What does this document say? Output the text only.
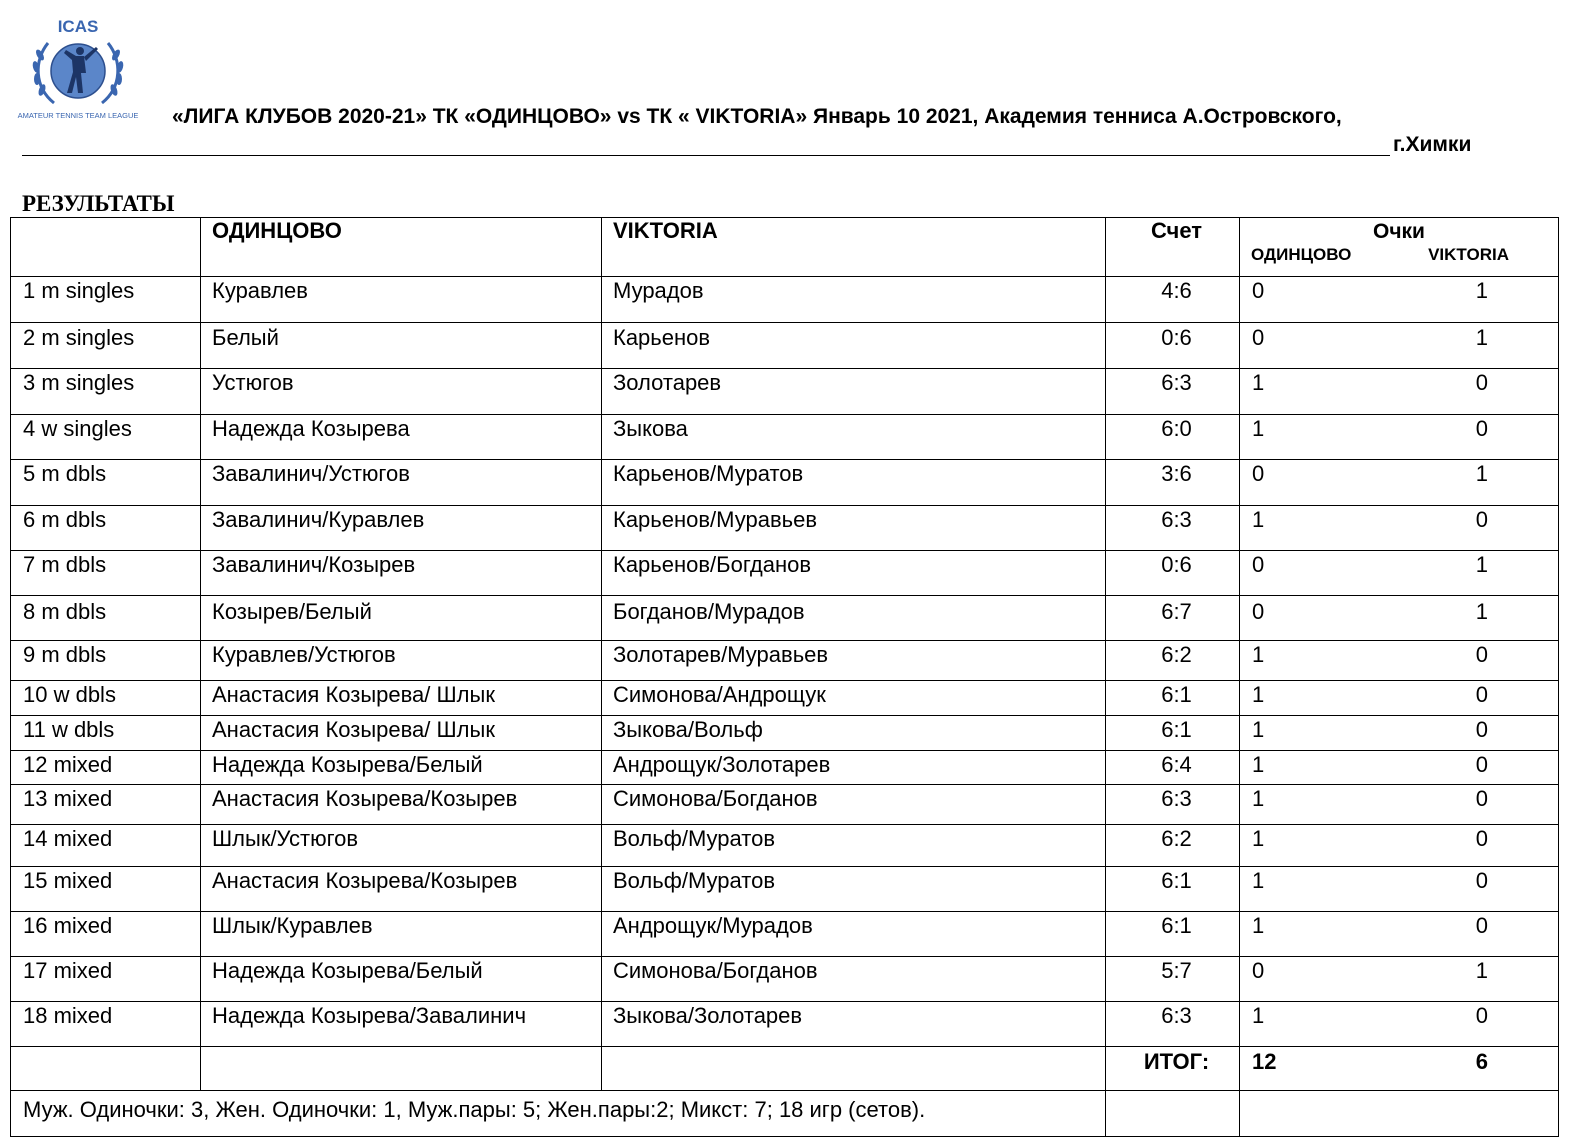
ICAS
AMATEUR TENNIS TEAM LEAGUE «ЛИГА КЛУБОВ 2020-21» ТК «ОДИНЦОВО» vs ТК « VIKTORIA» Январь 10 2021, Академия тенниса А.Островского,
г.Химки
РЕЗУЛЬТАТЫ
	ОДИНЦОВО	VIKTORIA	Счет	Очки
ОДИНЦОВО VIKTORIA

1 m singles	Куравлев	Мурадов	4:6	0 1

2 m singles	Белый	Карьенов	0:6	0 1

3 m singles	Устюгов	Золотарев	6:3	1 0

4 w singles	Надежда Козырева	Зыкова	6:0	1 0

5 m dbls	Завалинич/Устюгов	Карьенов/Муратов	3:6	0 1

6 m dbls	Завалинич/Куравлев	Карьенов/Муравьев	6:3	1 0

7 m dbls	Завалинич/Козырев	Карьенов/Богданов	0:6	0 1

8 m dbls	Козырев/Белый	Богданов/Мурадов	6:7	0 1

9 m dbls	Куравлев/Устюгов	Золотарев/Муравьев	6:2	1 0

10 w dbls	Анастасия Козырева/ Шлык	Симонова/Андрощук	6:1	1 0

11 w dbls	Анастасия Козырева/ Шлык	Зыкова/Вольф	6:1	1 0

12 mixed	Надежда Козырева/Белый	Андрощук/Золотарев	6:4	1 0

13 mixed	Анастасия Козырева/Козырев	Симонова/Богданов	6:3	1 0

14 mixed	Шлык/Устюгов	Вольф/Муратов	6:2	1 0

15 mixed	Анастасия Козырева/Козырев	Вольф/Муратов	6:1	1 0

16 mixed	Шлык/Куравлев	Андрощук/Мурадов	6:1	1 0

17 mixed	Надежда Козырева/Белый	Симонова/Богданов	5:7	0 1

18 mixed	Надежда Козырева/Завалинич	Зыкова/Золотарев	6:3	1 0

			ИТОГ:	12 6

Муж. Одиночки: 3, Жен. Одиночки: 1, Муж.пары: 5; Жен.пары:2; Микст: 7; 18 игр (сетов).				
